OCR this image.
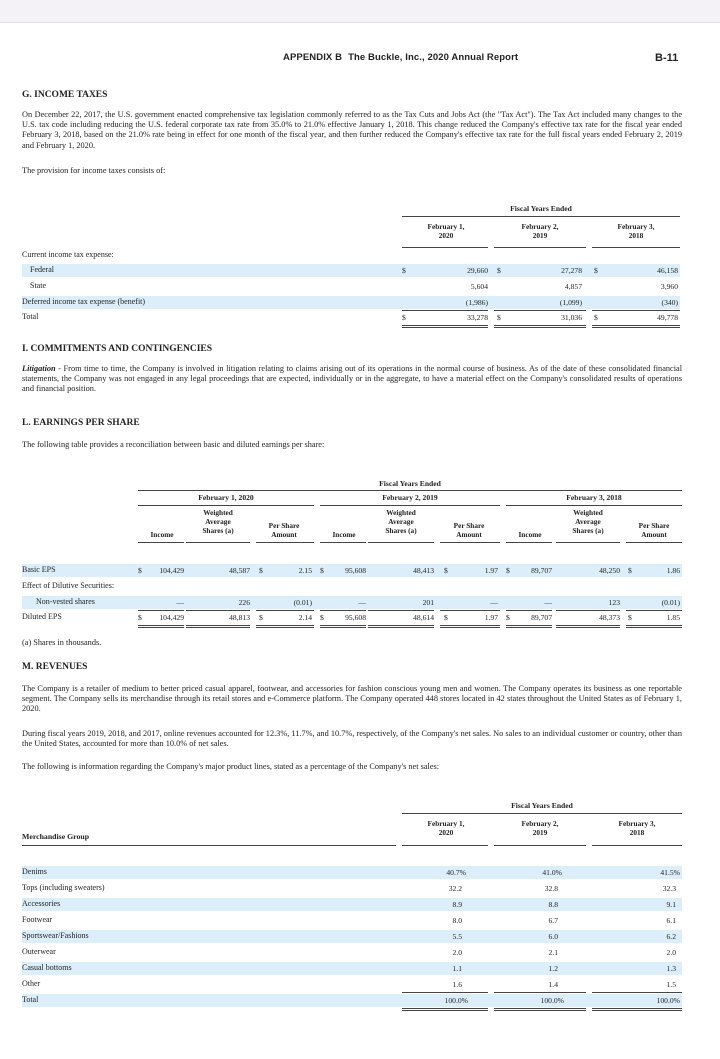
APPENDIX B The Buckle, Inc., 2020 Annual Report	B-11
G. INCOME TAXES
On December 22, 2017, the U.S. government enacted comprehensive tax legislation commonly referred to as the Tax Cuts and Jobs Act (the "Tax Act"). The Tax Act included many changes to the U.S. tax code including reducing the U.S. federal corporate tax rate from 35.0% to 21.0% effective January 1, 2018. This change reduced the Company's effective tax rate for the fiscal year ended February 3, 2018, based on the 21.0% rate being in effect for one month of the fiscal year, and then further reduced the Company's effective tax rate for the full fiscal years ended February 2, 2019 and February 1, 2020.
The provision for income taxes consists of:
Fiscal Years Ended
February 1,
2020
February 2,
2019
February 3,
2018
Current income tax expense:
Federal	$	29,660 $	27,278 $	46,158
State	5,604	4,857	3,960
Deferred income tax expense (benefit)	(1,986)	(1,099)	(340)
Total	$	33,278 $	31,036 $	49,778
I. COMMITMENTS AND CONTINGENCIES
Litigation - From time to time, the Company is involved in litigation relating to claims arising out of its operations in the normal course of business. As of the date of these consolidated financial statements, the Company was not engaged in any legal proceedings that are expected, individually or in the aggregate, to have a material effect on the Company's consolidated results of operations and financial position.
L. EARNINGS PER SHARE
The following table provides a reconciliation between basic and diluted earnings per share:
Fiscal Years Ended
February 1, 2020	February 2, 2019	February 3, 2018
Income
Weighted
Average
Shares (a)
Per Share
Amount	Income
Weighted
Average
Shares (a)
Per Share
Amount	Income
Weighted
Average
Shares (a)
Per Share
Amount
Basic EPS	$	104,429	48,587 $	2.15 $	95,608	48,413 $	1.97 $	89,707	48,250 $	1.86
Effect of Dilutive Securities:
Non-vested shares	—	226	(0.01)	—	201	—	—	123	(0.01)
Diluted EPS	$	104,429	48,813 $	2.14 $	95,608	48,614 $	1.97 $	89,707	48,373 $	1.85
(a) Shares in thousands.
M. REVENUES
The Company is a retailer of medium to better priced casual apparel, footwear, and accessories for fashion conscious young men and women. The Company operates its business as one reportable segment. The Company sells its merchandise through its retail stores and e-Commerce platform. The Company operated 448 stores located in 42 states throughout the United States as of February 1, 2020.
During fiscal years 2019, 2018, and 2017, online revenues accounted for 12.3%, 11.7%, and 10.7%, respectively, of the Company's net sales. No sales to an individual customer or country, other than the United States, accounted for more than 10.0% of net sales.
The following is information regarding the Company's major product lines, stated as a percentage of the Company's net sales:
Fiscal Years Ended
February 1,
2020
February 2,
2019
February 3,
2018
Merchandise Group
Denims	40.7%	41.0%	41.5%
Tops (including sweaters)	32.2	32.8	32.3
Accessories	8.9	8.8	9.1
Footwear	8.0	6.7	6.1
Sportswear/Fashions	5.5	6.0	6.2
Outerwear	2.0	2.1	2.0
Casual bottoms	1.1	1.2	1.3
Other	1.6	1.4	1.5
Total	100.0%	100.0%	100.0%
